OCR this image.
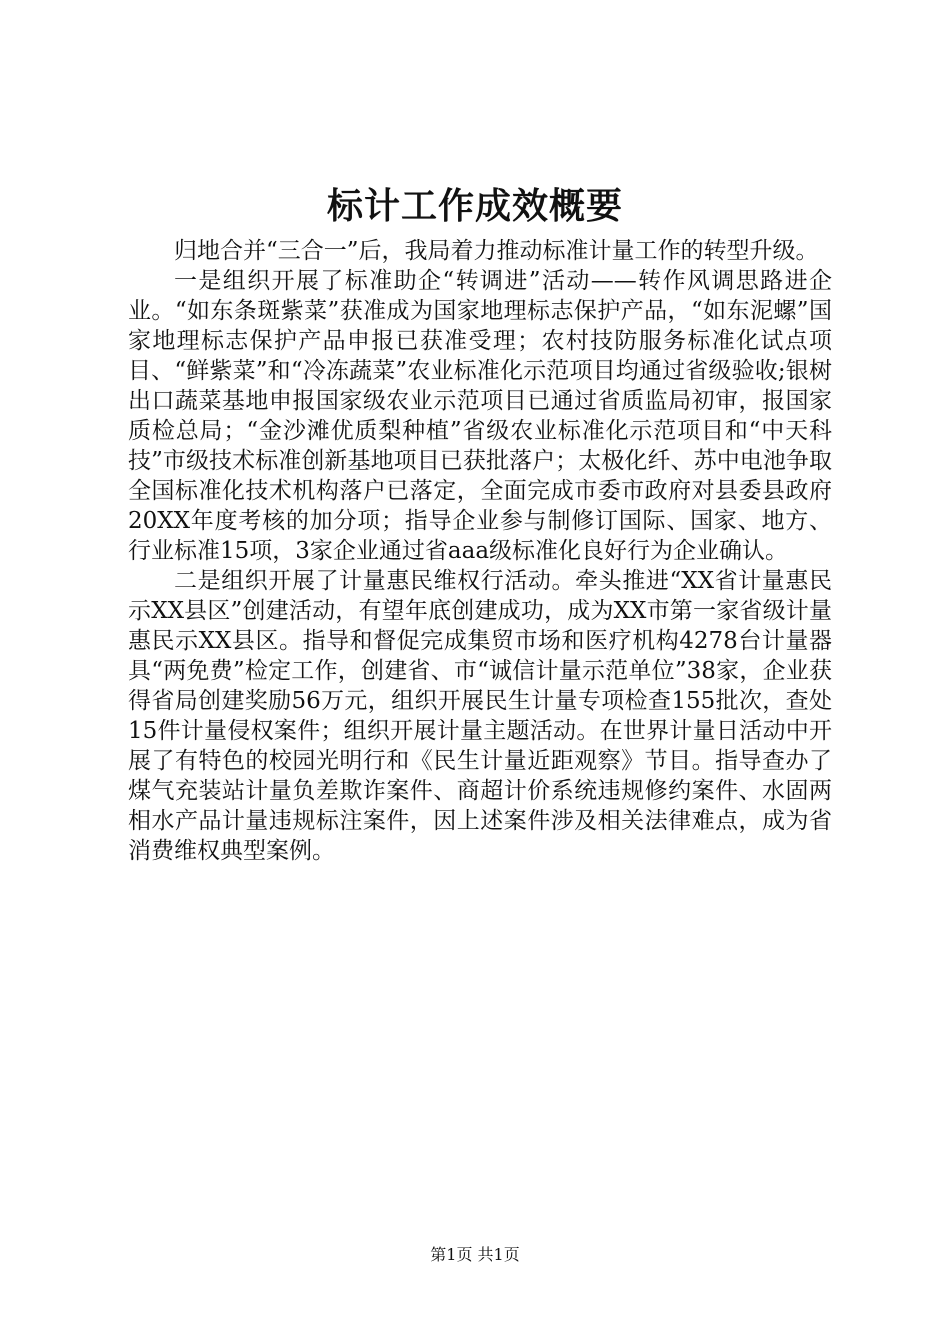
标计工作成效概要

归地合并“三合一”后，我局着力推动标准计量工作的转型升级。

一是组织开展了标准助企“转调进”活动——转作风调思路进企业。“如东条斑紫菜”获准成为国家地理标志保护产品，“如东泥螺”国家地理标志保护产品申报已获准受理；农村技防服务标准化试点项目、“鲜紫菜”和“冷冻蔬菜”农业标准化示范项目均通过省级验收;银树出口蔬菜基地申报国家级农业示范项目已通过省质监局初审，报国家质检总局；“金沙滩优质梨种植”省级农业标准化示范项目和“中天科技”市级技术标准创新基地项目已获批落户；太极化纤、苏中电池争取全国标准化技术机构落户已落定，全面完成市委市政府对县委县政府20XX年度考核的加分项；指导企业参与制修订国际、国家、地方、行业标准15项，3家企业通过省aaa级标准化良好行为企业确认。

二是组织开展了计量惠民维权行活动。牵头推进“XX省计量惠民示XX县区”创建活动，有望年底创建成功，成为XX市第一家省级计量惠民示XX县区。指导和督促完成集贸市场和医疗机构4278台计量器具“两免费”检定工作，创建省、市“诚信计量示范单位”38家，企业获得省局创建奖励56万元，组织开展民生计量专项检查155批次，查处15件计量侵权案件；组织开展计量主题活动。在世界计量日活动中开展了有特色的校园光明行和《民生计量近距观察》节目。指导查办了煤气充装站计量负差欺诈案件、商超计价系统违规修约案件、水固两相水产品计量违规标注案件，因上述案件涉及相关法律难点，成为省消费维权典型案例。

第1页 共1页
